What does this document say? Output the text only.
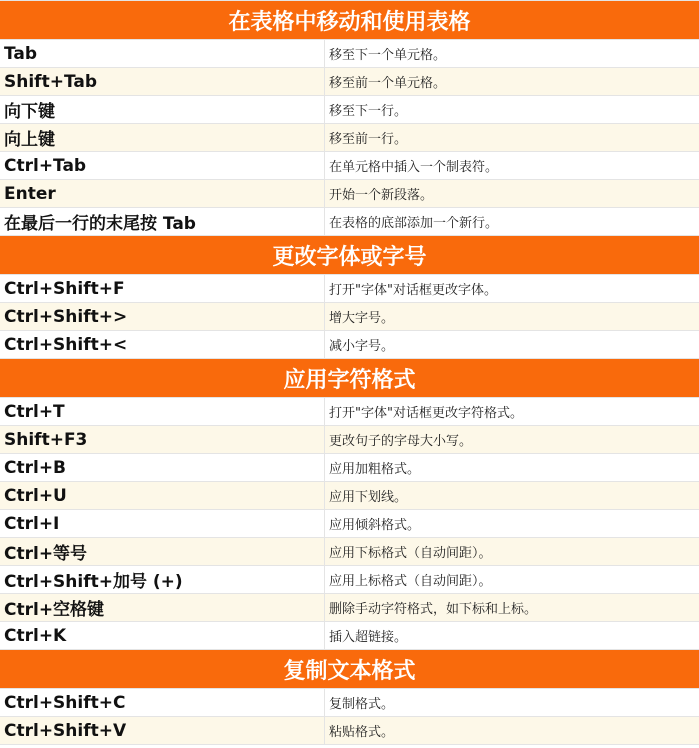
在表格中移动和使用表格
Tab	移至下一个单元格。
Shift+Tab	移至前一个单元格。
向下键	移至下一行。
向上键	移至前一行。
Ctrl+Tab	在单元格中插入一个制表符。
Enter	开始一个新段落。
在最后一行的末尾按 Tab	在表格的底部添加一个新行。
更改字体或字号
Ctrl+Shift+F	打开"字体"对话框更改字体。
Ctrl+Shift+>	增大字号。
Ctrl+Shift+<	减小字号。
应用字符格式
Ctrl+T	打开"字体"对话框更改字符格式。
Shift+F3	更改句子的字母大小写。
Ctrl+B	应用加粗格式。
Ctrl+U	应用下划线。
Ctrl+I	应用倾斜格式。
Ctrl+等号	应用下标格式（自动间距）。
Ctrl+Shift+加号 (+)	应用上标格式（自动间距）。
Ctrl+空格键	删除手动字符格式，如下标和上标。
Ctrl+K	插入超链接。
复制文本格式
Ctrl+Shift+C	复制格式。
Ctrl+Shift+V	粘贴格式。
